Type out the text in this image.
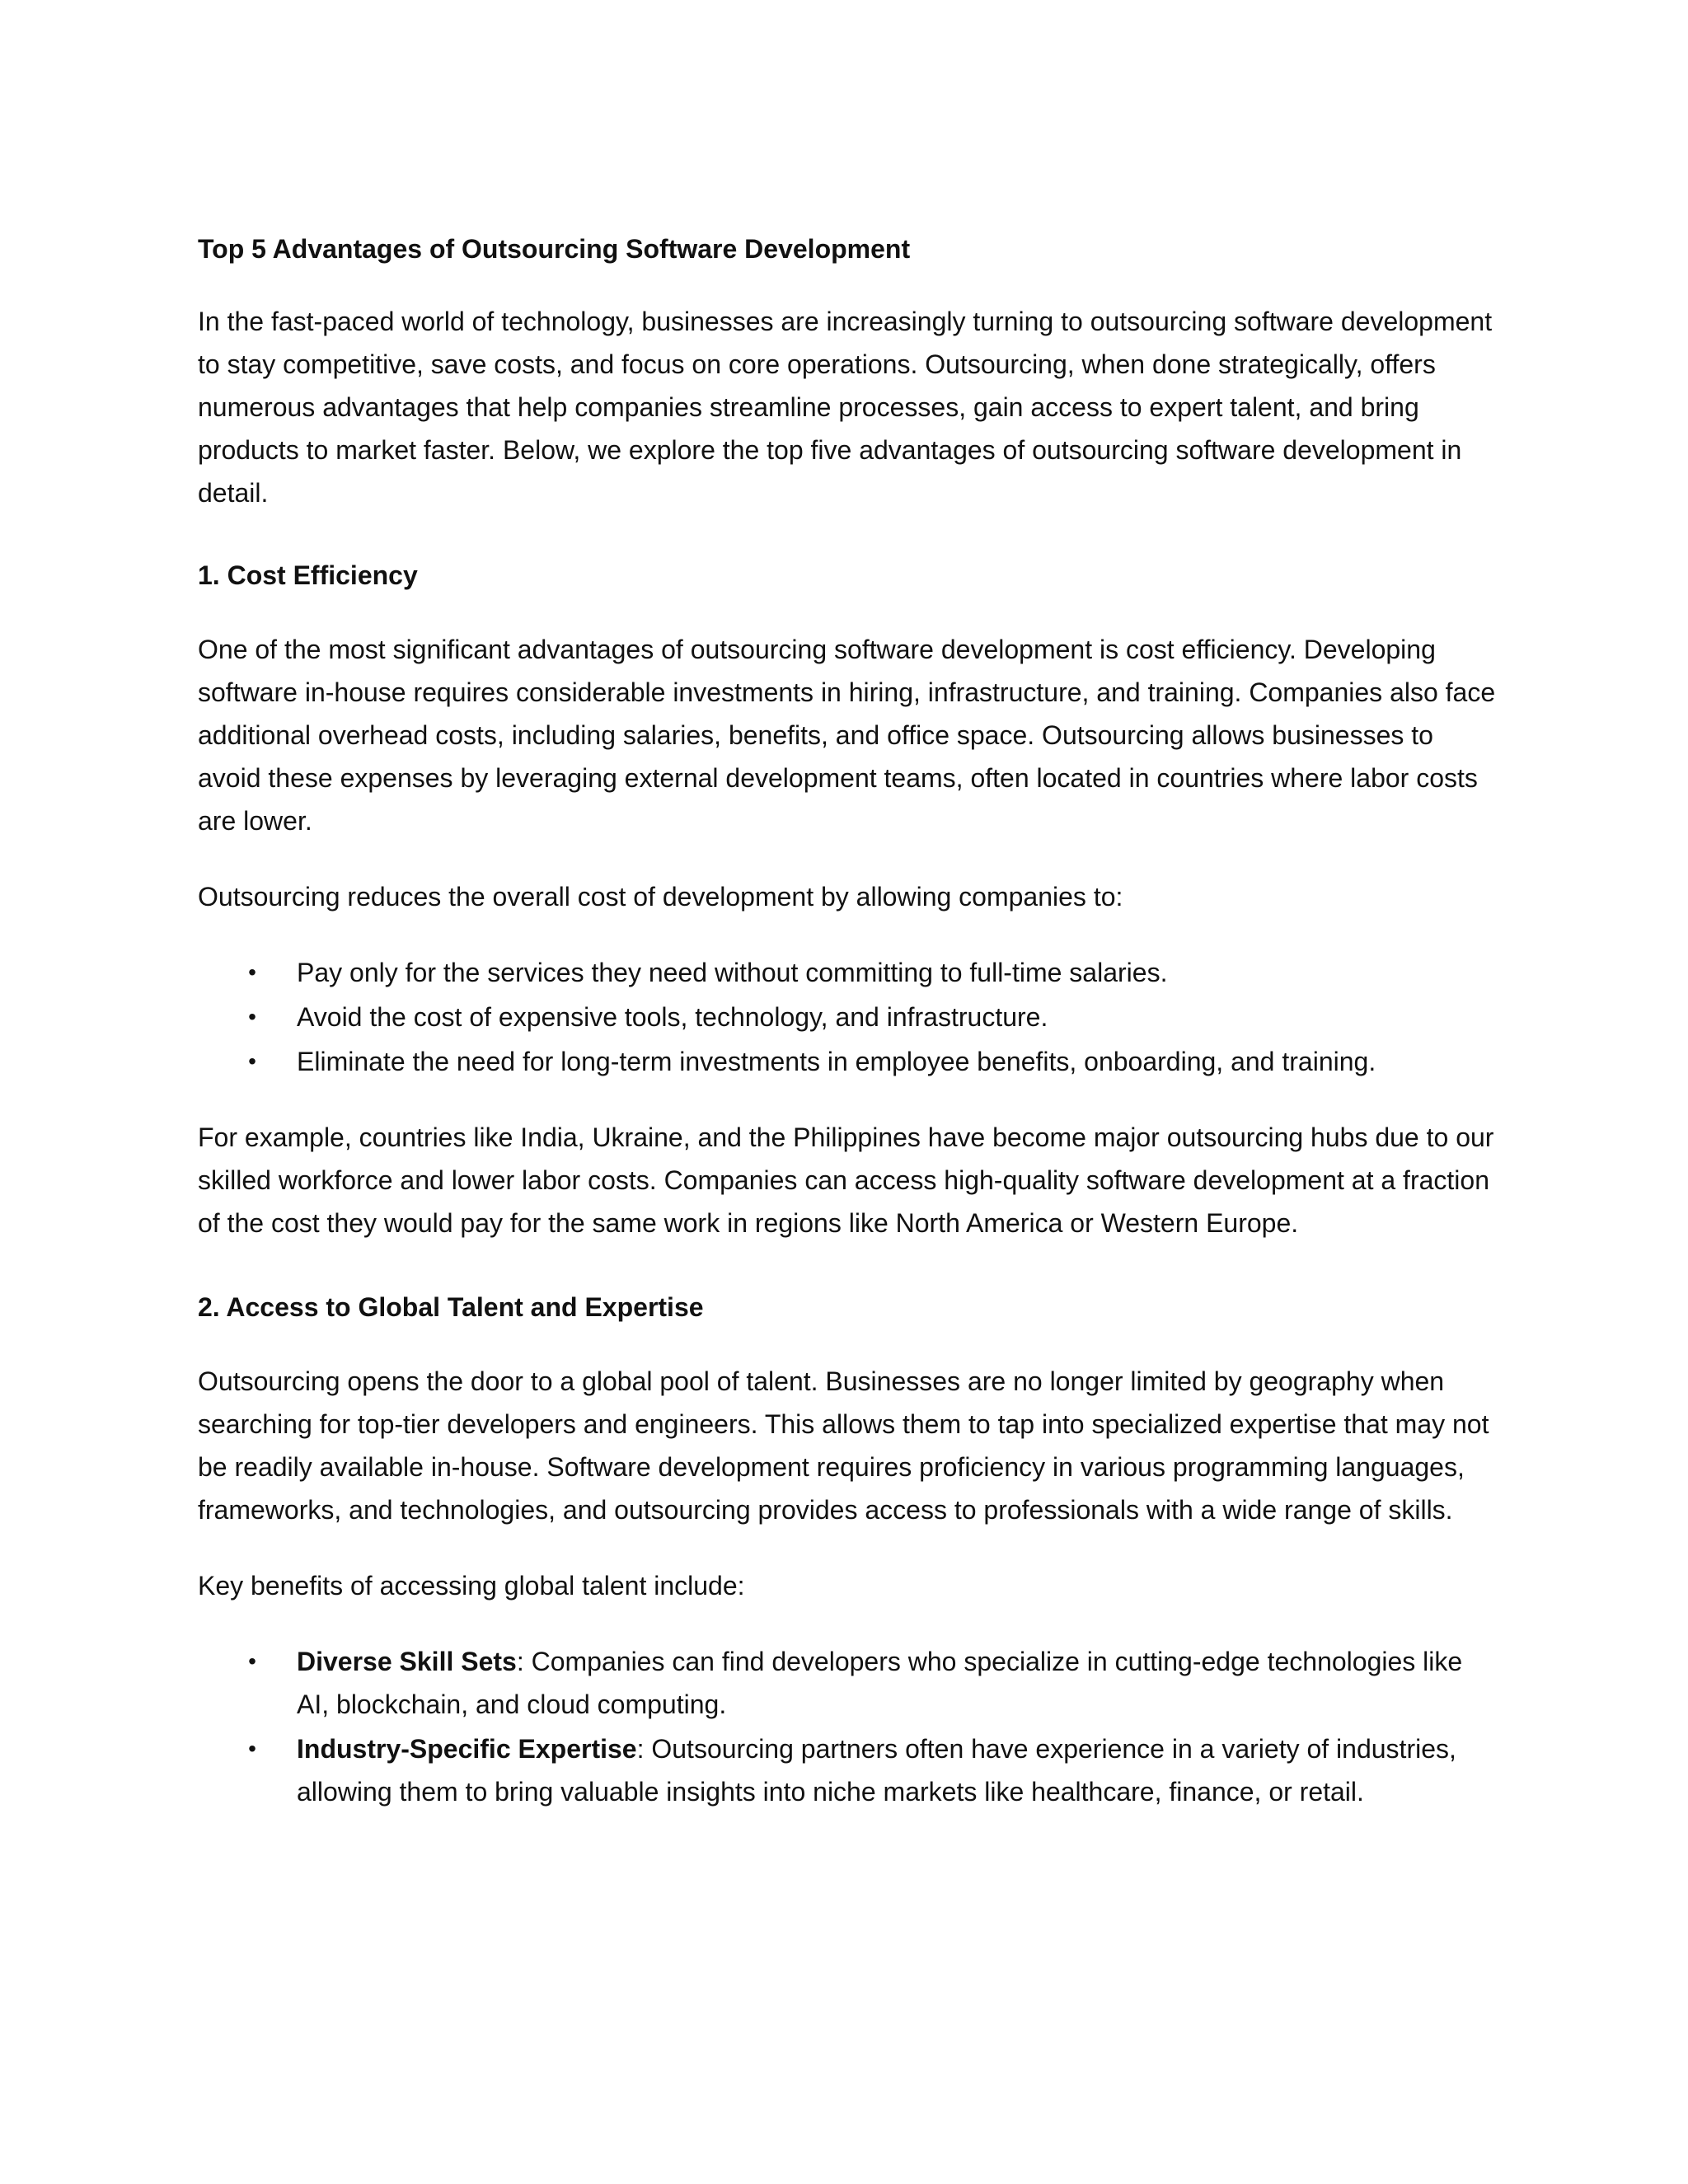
Top 5 Advantages of Outsourcing Software Development

In the fast-paced world of technology, businesses are increasingly turning to outsourcing software development to stay competitive, save costs, and focus on core operations. Outsourcing, when done strategically, offers numerous advantages that help companies streamline processes, gain access to expert talent, and bring products to market faster. Below, we explore the top five advantages of outsourcing software development in detail.

1. Cost Efficiency

One of the most significant advantages of outsourcing software development is cost efficiency. Developing software in-house requires considerable investments in hiring, infrastructure, and training. Companies also face additional overhead costs, including salaries, benefits, and office space. Outsourcing allows businesses to avoid these expenses by leveraging external development teams, often located in countries where labor costs are lower.

Outsourcing reduces the overall cost of development by allowing companies to:

• Pay only for the services they need without committing to full-time salaries.
• Avoid the cost of expensive tools, technology, and infrastructure.
• Eliminate the need for long-term investments in employee benefits, onboarding, and training.

For example, countries like India, Ukraine, and the Philippines have become major outsourcing hubs due to our skilled workforce and lower labor costs. Companies can access high-quality software development at a fraction of the cost they would pay for the same work in regions like North America or Western Europe.

2. Access to Global Talent and Expertise

Outsourcing opens the door to a global pool of talent. Businesses are no longer limited by geography when searching for top-tier developers and engineers. This allows them to tap into specialized expertise that may not be readily available in-house. Software development requires proficiency in various programming languages, frameworks, and technologies, and outsourcing provides access to professionals with a wide range of skills.

Key benefits of accessing global talent include:

• Diverse Skill Sets: Companies can find developers who specialize in cutting-edge technologies like AI, blockchain, and cloud computing.
• Industry-Specific Expertise: Outsourcing partners often have experience in a variety of industries, allowing them to bring valuable insights into niche markets like healthcare, finance, or retail.
